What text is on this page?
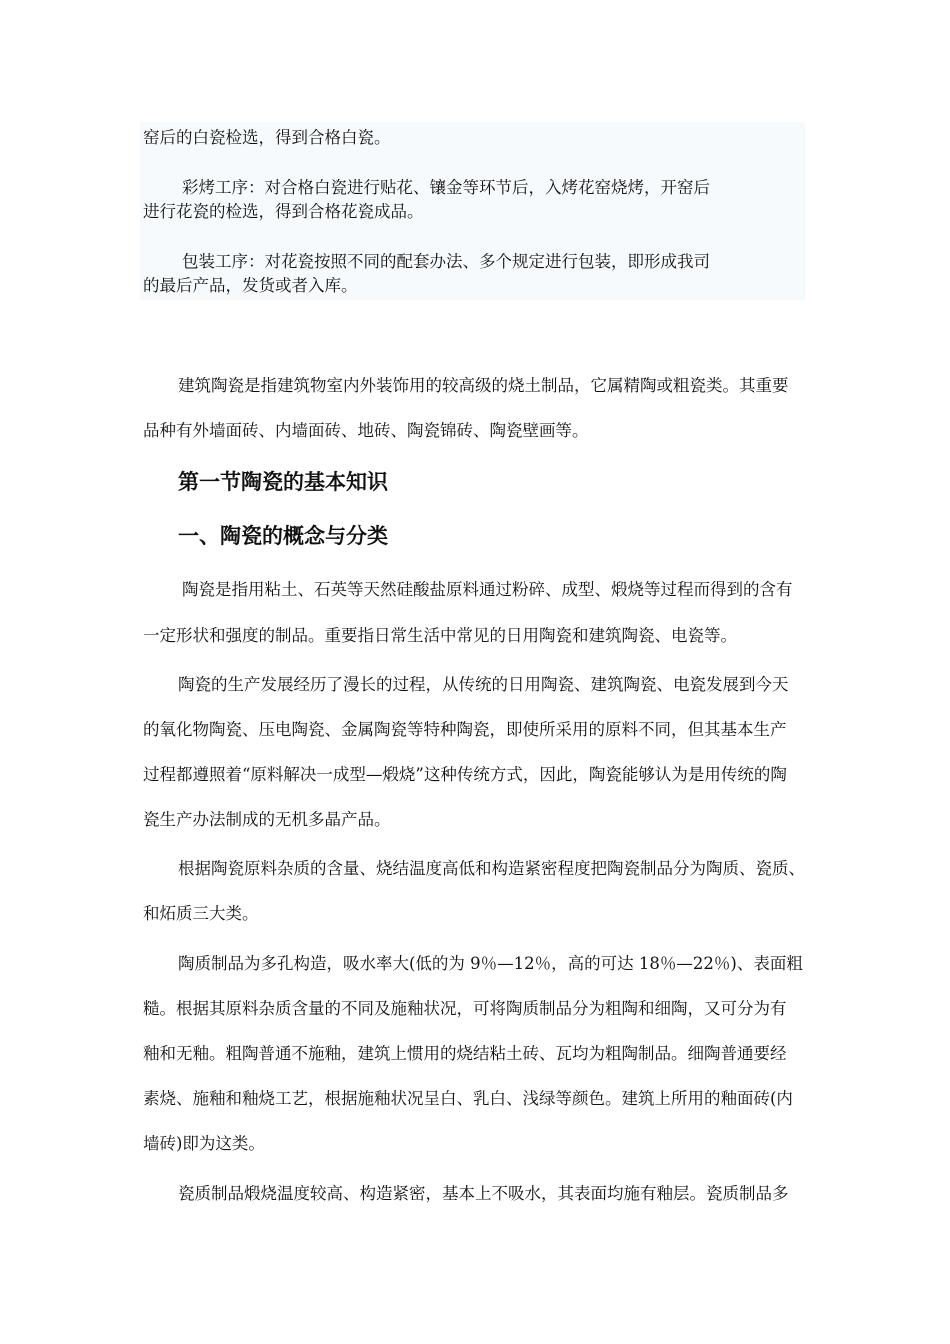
窑后的白瓷检选，得到合格白瓷。
彩烤工序：对合格白瓷进行贴花、镶金等环节后，入烤花窑烧烤，开窑后
进行花瓷的检选，得到合格花瓷成品。
包装工序：对花瓷按照不同的配套办法、多个规定进行包装，即形成我司
的最后产品，发货或者入库。
建筑陶瓷是指建筑物室内外装饰用的较高级的烧土制品，它属精陶或粗瓷类。其重要
品种有外墙面砖、内墙面砖、地砖、陶瓷锦砖、陶瓷壁画等。
第一节陶瓷的基本知识
一、陶瓷的概念与分类
陶瓷是指用粘土、石英等天然硅酸盐原料通过粉碎、成型、煅烧等过程而得到的含有
一定形状和强度的制品。重要指日常生活中常见的日用陶瓷和建筑陶瓷、电瓷等。
陶瓷的生产发展经历了漫长的过程，从传统的日用陶瓷、建筑陶瓷、电瓷发展到今天
的氧化物陶瓷、压电陶瓷、金属陶瓷等特种陶瓷，即使所采用的原料不同，但其基本生产
过程都遵照着“原料解决一成型—煅烧”这种传统方式，因此，陶瓷能够认为是用传统的陶
瓷生产办法制成的无机多晶产品。
根据陶瓷原料杂质的含量、烧结温度高低和构造紧密程度把陶瓷制品分为陶质、瓷质、
和炻质三大类。
陶质制品为多孔构造，吸水率大(低的为 9％—12％，高的可达 18％—22％)、表面粗
糙。根据其原料杂质含量的不同及施釉状况，可将陶质制品分为粗陶和细陶，又可分为有
釉和无釉。粗陶普通不施釉，建筑上惯用的烧结粘土砖、瓦均为粗陶制品。细陶普通要经
素烧、施釉和釉烧工艺，根据施釉状况呈白、乳白、浅绿等颜色。建筑上所用的釉面砖(内
墙砖)即为这类。
瓷质制品煅烧温度较高、构造紧密，基本上不吸水，其表面均施有釉层。瓷质制品多
